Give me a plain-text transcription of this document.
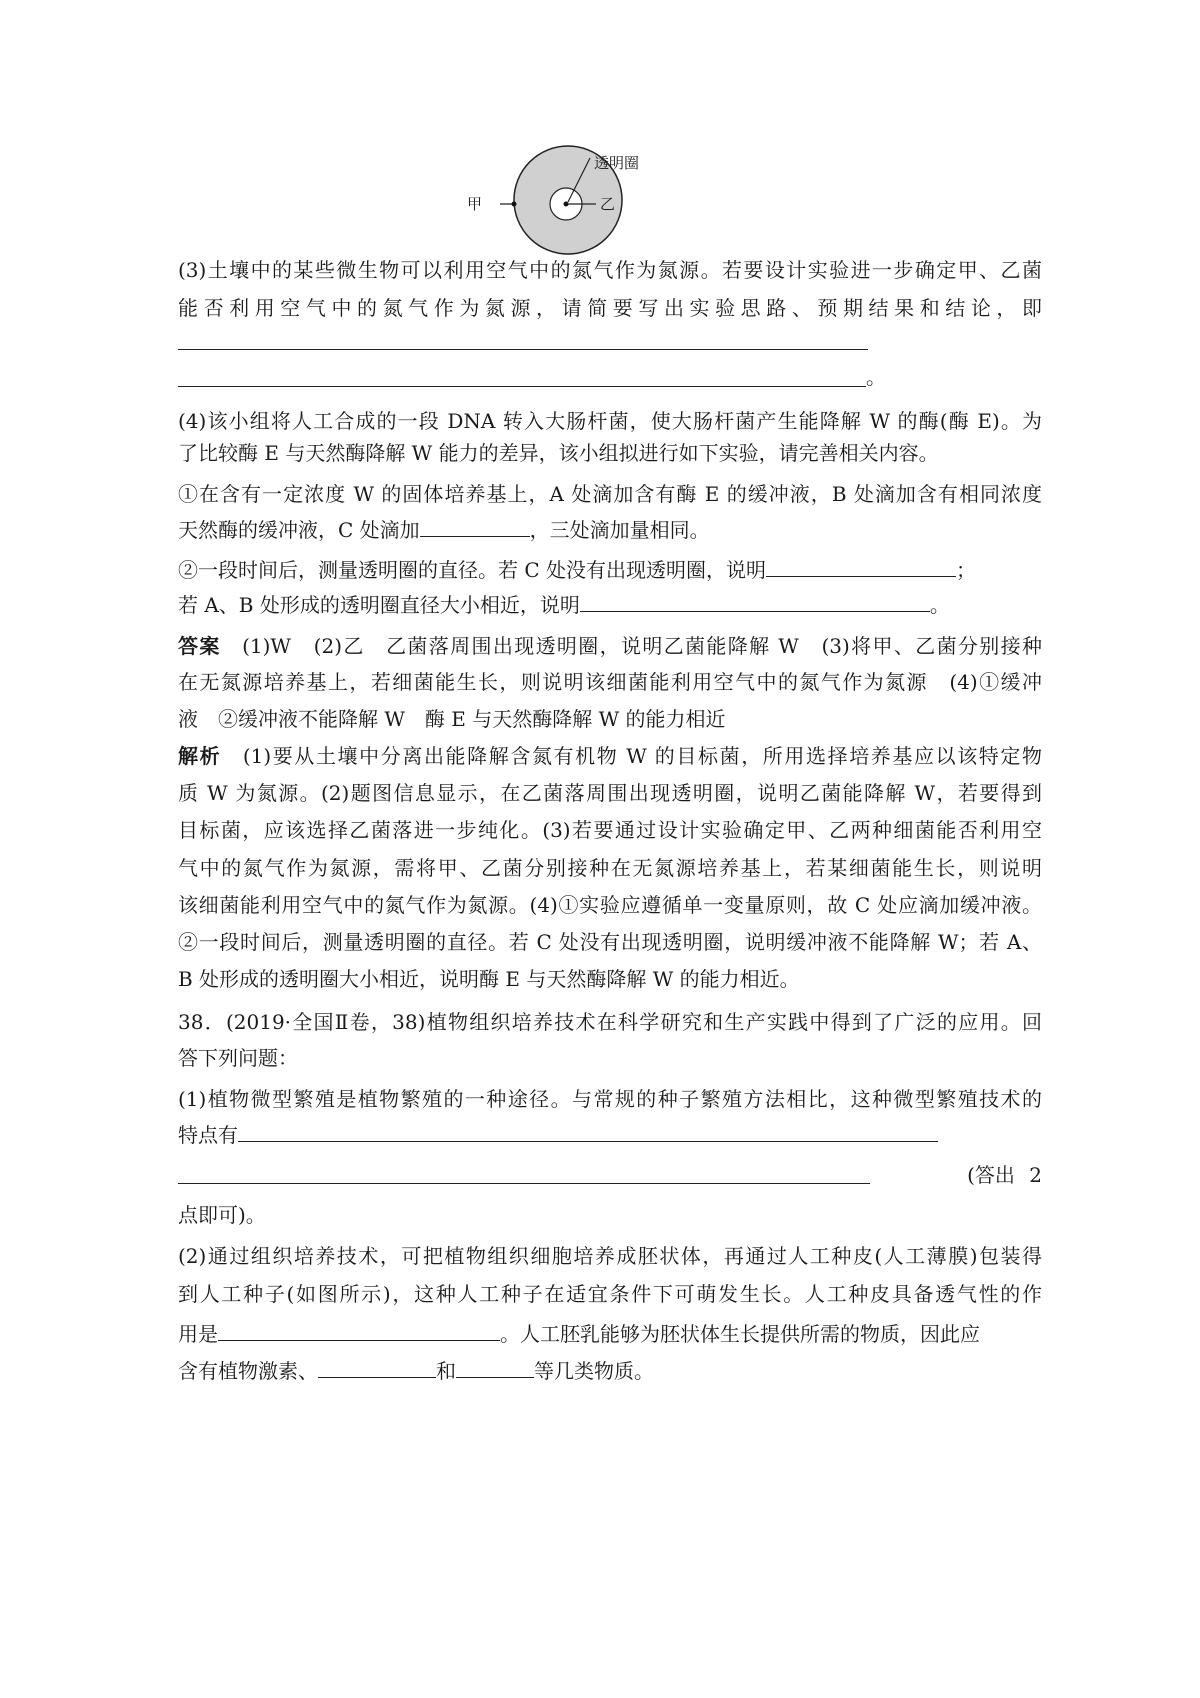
透明圈
甲	乙
(3)土壤中的某些微生物可以利用空气中的氮气作为氮源。若要设计实验进一步确定甲、乙菌
能否利用空气中的氮气作为氮源，请简要写出实验思路、预期结果和结论，即
。
(4)该小组将人工合成的一段 DNA 转入大肠杆菌，使大肠杆菌产生能降解 W 的酶(酶 E)。为
了比较酶 E 与天然酶降解 W 能力的差异，该小组拟进行如下实验，请完善相关内容。
①在含有一定浓度 W 的固体培养基上，A 处滴加含有酶 E 的缓冲液，B 处滴加含有相同浓度
天然酶的缓冲液，C 处滴加	，三处滴加量相同。
②一段时间后，测量透明圈的直径。若 C 处没有出现透明圈，说明	；
若 A、B 处形成的透明圈直径大小相近，说明	。
答案　 (1)W　(2)乙　乙菌落周围出现透明圈，说明乙菌能降解 W　(3)将甲、乙菌分别接种
在无氮源培养基上，若细菌能生长，则说明该细菌能利用空气中的氮气作为氮源　(4)①缓冲
液　②缓冲液不能降解 W　酶 E 与天然酶降解 W 的能力相近
解析　 (1)要从土壤中分离出能降解含氮有机物 W 的目标菌，所用选择培养基应以该特定物
质 W 为氮源。(2)题图信息显示，在乙菌落周围出现透明圈，说明乙菌能降解 W，若要得到
目标菌，应该选择乙菌落进一步纯化。(3)若要通过设计实验确定甲、乙两种细菌能否利用空
气中的氮气作为氮源，需将甲、乙菌分别接种在无氮源培养基上，若某细菌能生长，则说明
该细菌能利用空气中的氮气作为氮源。(4)①实验应遵循单一变量原则，故 C 处应滴加缓冲液。
②一段时间后，测量透明圈的直径。若 C 处没有出现透明圈，说明缓冲液不能降解 W；若 A、
B 处形成的透明圈大小相近，说明酶 E 与天然酶降解 W 的能力相近。
38．(2019·全国Ⅱ卷，38)植物组织培养技术在科学研究和生产实践中得到了广泛的应用。回
答下列问题：
(1)植物微型繁殖是植物繁殖的一种途径。与常规的种子繁殖方法相比，这种微型繁殖技术的
特点有
(答出 2
点即可)。
(2)通过组织培养技术，可把植物组织细胞培养成胚状体，再通过人工种皮(人工薄膜)包装得
到人工种子(如图所示)，这种人工种子在适宜条件下可萌发生长。人工种皮具备透气性的作
用是	。人工胚乳能够为胚状体生长提供所需的物质，因此应
含有植物激素、	和	等几类物质。
